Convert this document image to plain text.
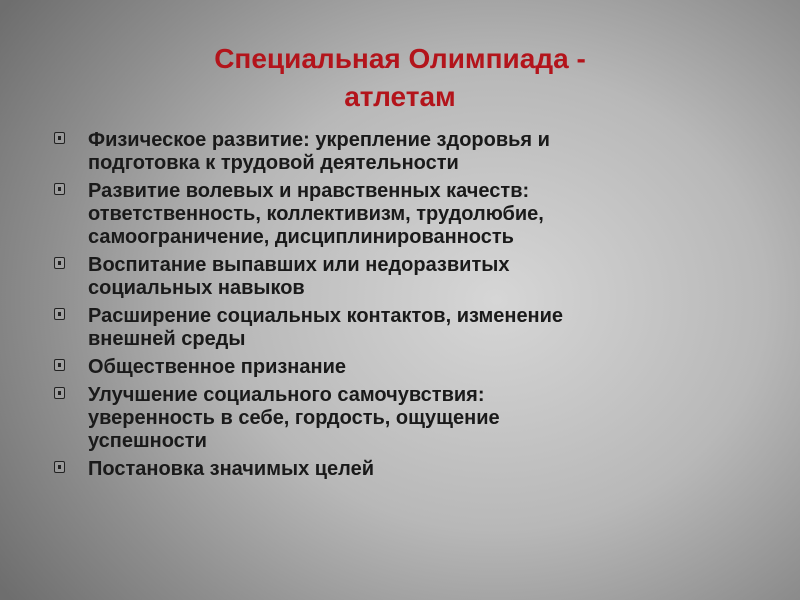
Специальная Олимпиада -
атлетам
Физическое развитие: укрепление здоровья и
подготовка к трудовой деятельности
Развитие волевых и нравственных качеств:
ответственность, коллективизм, трудолюбие,
самоограничение, дисциплинированность
Воспитание выпавших или недоразвитых
социальных навыков
Расширение социальных контактов, изменение
внешней среды
Общественное признание
Улучшение социального самочувствия:
уверенность в себе, гордость, ощущение
успешности
Постановка значимых целей
